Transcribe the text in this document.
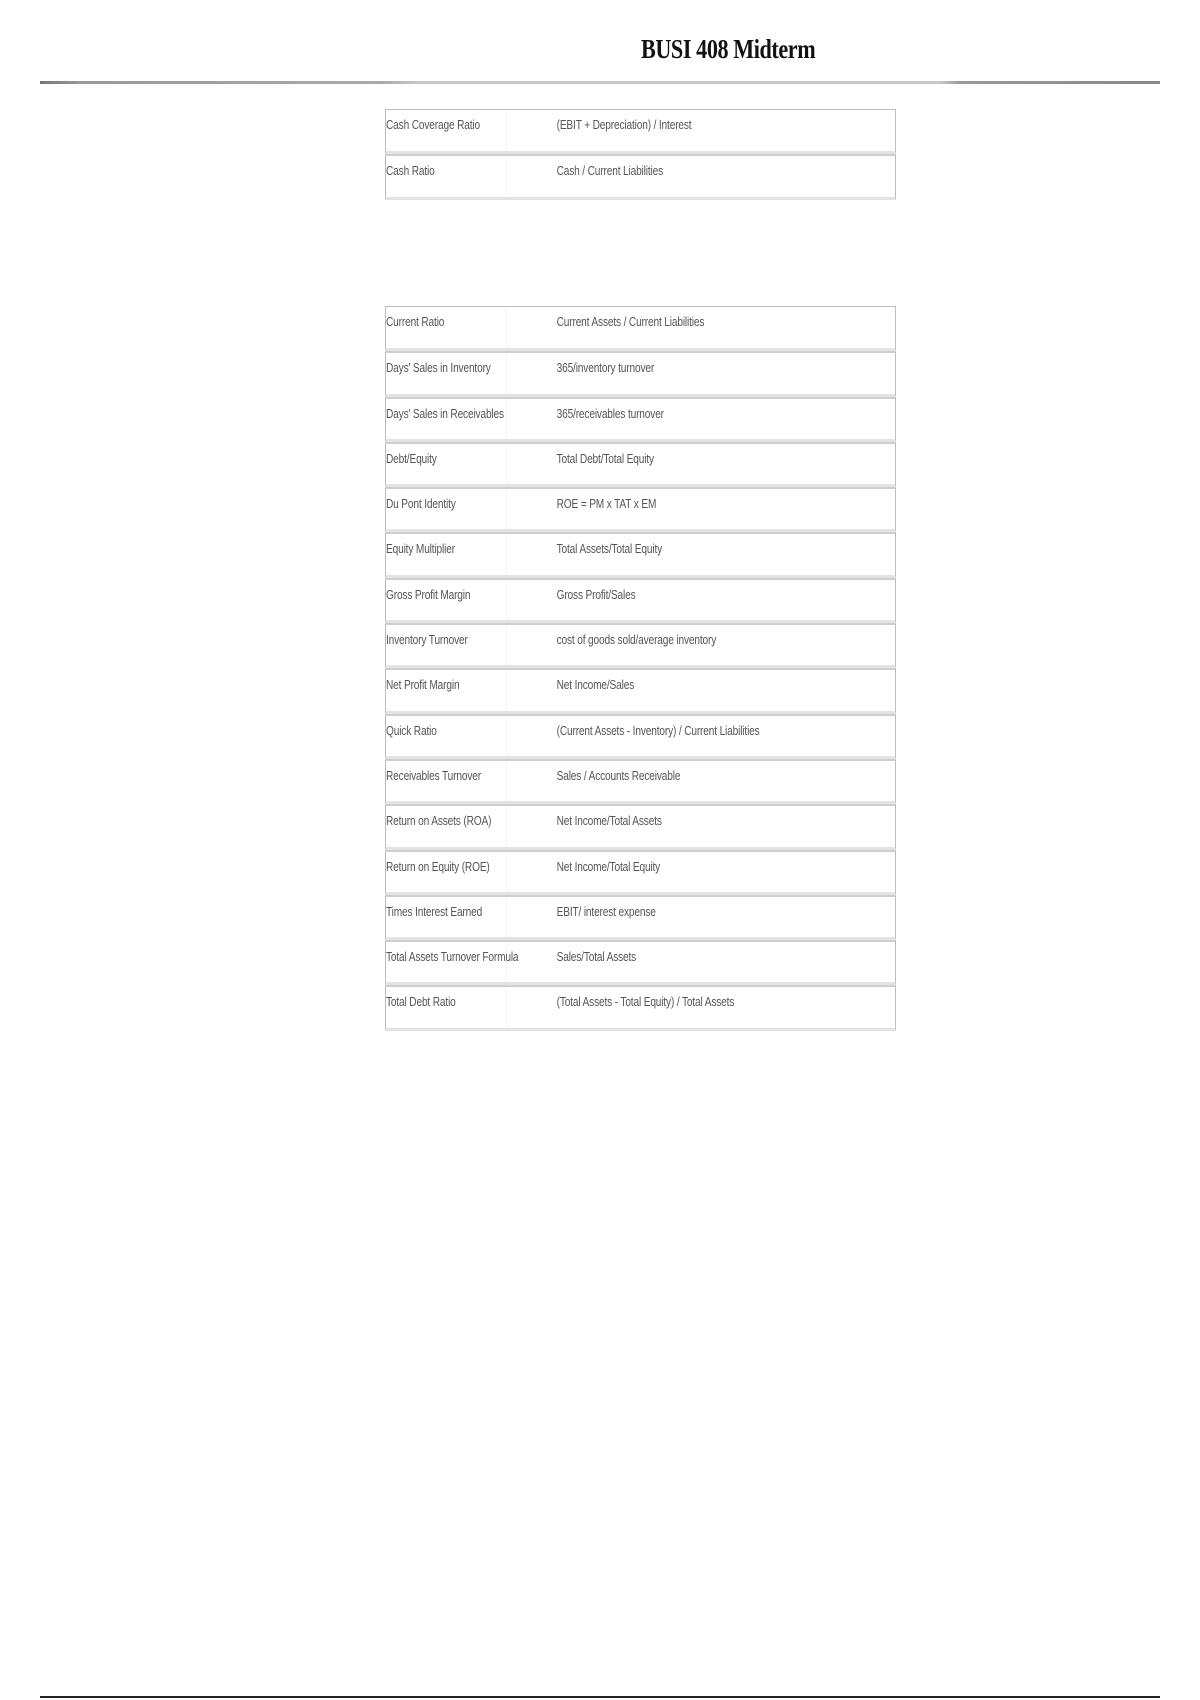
BUSI 408 Midterm
Cash Coverage Ratio	(EBIT + Depreciation) / Interest
Cash Ratio	Cash / Current Liabilities
Current Ratio	Current Assets / Current Liabilities
Days' Sales in Inventory	365/inventory turnover
Days' Sales in Receivables	365/receivables turnover
Debt/Equity	Total Debt/Total Equity
Du Pont Identity	ROE = PM x TAT x EM
Equity Multiplier	Total Assets/Total Equity
Gross Profit Margin	Gross Profit/Sales
Inventory Turnover	cost of goods sold/average inventory
Net Profit Margin	Net Income/Sales
Quick Ratio	(Current Assets - Inventory) / Current Liabilities
Receivables Turnover	Sales / Accounts Receivable
Return on Assets (ROA)	Net Income/Total Assets
Return on Equity (ROE)	Net Income/Total Equity
Times Interest Earned	EBIT/ interest expense
Total Assets Turnover Formula	Sales/Total Assets
Total Debt Ratio	(Total Assets - Total Equity) / Total Assets
